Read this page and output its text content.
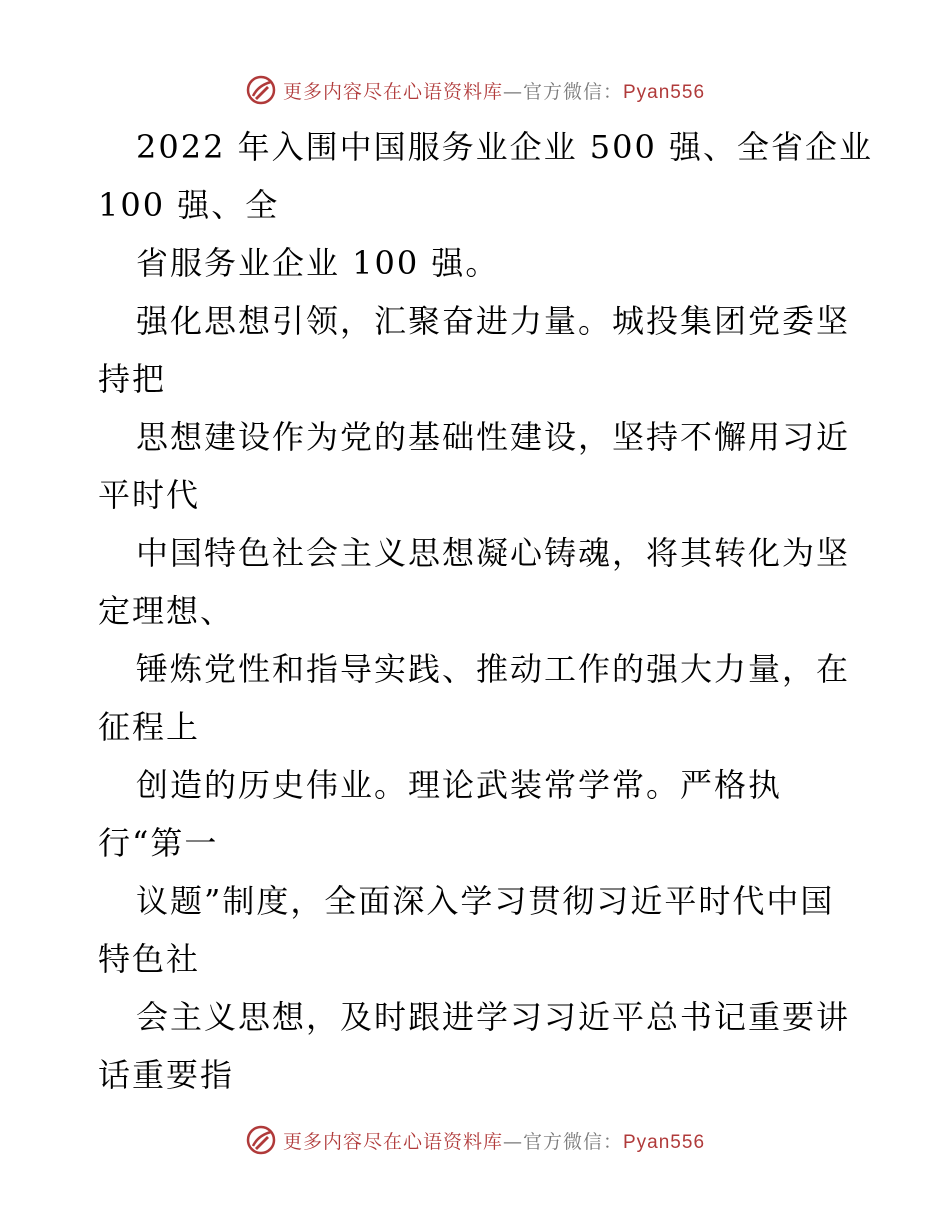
更多内容尽在心语资料库—官方微信：Pyan556
2022 年入围中国服务业企业 500 强、全省企业
100 强、全
省服务业企业 100 强。
强化思想引领，汇聚奋进力量。城投集团党委坚
持把
思想建设作为党的基础性建设，坚持不懈用习近
平时代
中国特色社会主义思想凝心铸魂，将其转化为坚
定理想、
锤炼党性和指导实践、推动工作的强大力量，在
征程上
创造的历史伟业。理论武装常学常。严格执
行“第一
议题”制度，全面深入学习贯彻习近平时代中国
特色社
会主义思想，及时跟进学习习近平总书记重要讲
话重要指
更多内容尽在心语资料库—官方微信：Pyan556
